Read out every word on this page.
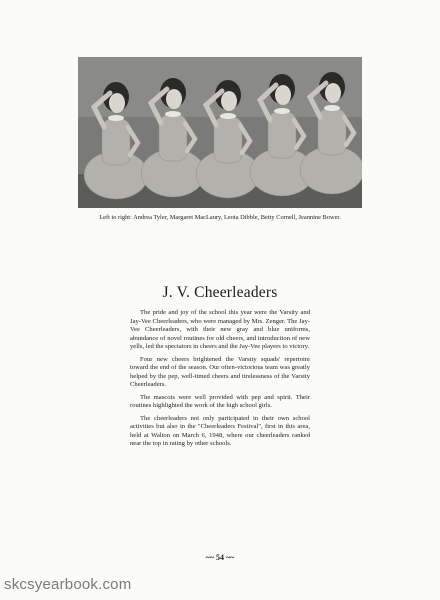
Left to right: Andrea Tyler, Margaret MacLaury, Leota Dibble, Betty Cornell, Jeannine Bower.
J. V. Cheerleaders

The pride and joy of the school this year were the Varsity and Jay-Vee Cheerleaders, who were managed by Mrs. Zenger. The Jay-Vee Cheerleaders, with their new gray and blue uniforms, abundance of novel routines for old cheers, and introduction of new yells, led the spectators in cheers and the Jay-Vee players to victory.

Four new cheers brightened the Varsity squads' repertoire toward the end of the season. Our often-victorious team was greatly helped by the pep, well-timed cheers and tirelessness of the Varsity Cheerleaders.

The mascots were well provided with pep and spirit. Their routines highlighted the work of the high school girls.

The cheerleaders not only participated in their own school activities but also in the "Cheerleaders Festival", first in this area, held at Walton on March 6, 1948, where our cheerleaders ranked near the top in rating by other schools.

~~ 54 ~~
skcsyearbook.com
